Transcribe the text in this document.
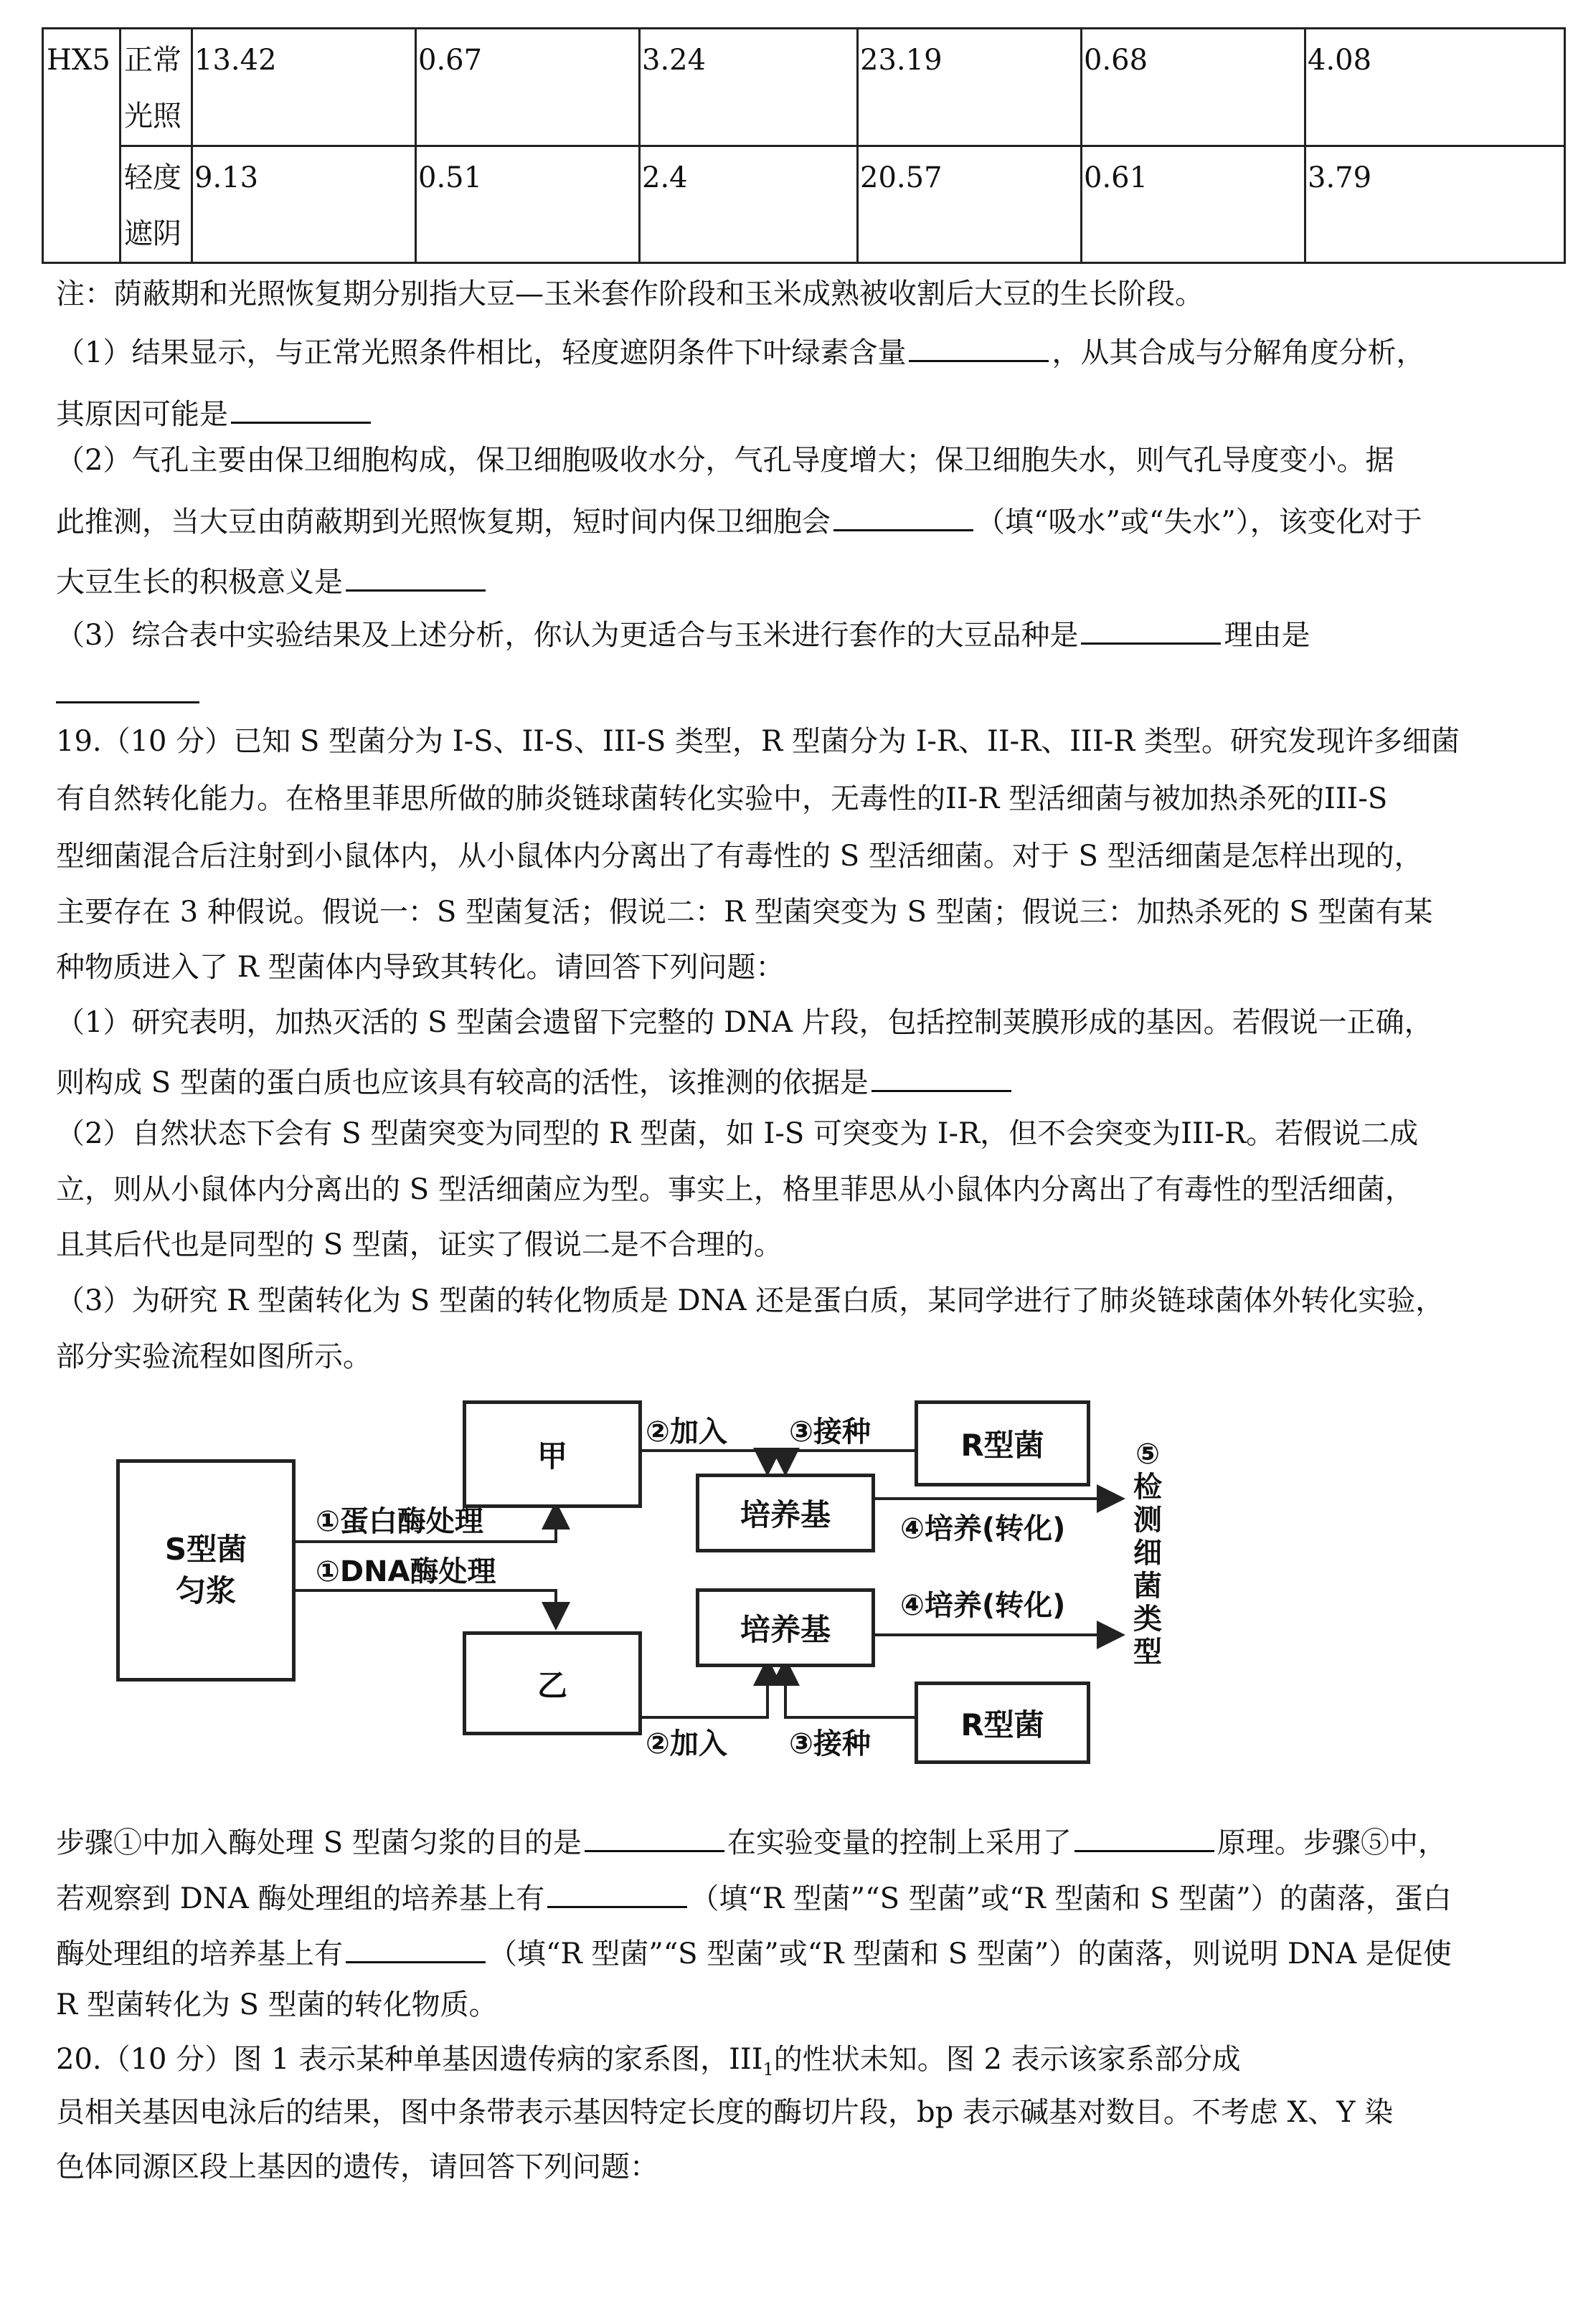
HX5	正常光照	13.42	0.67	3.24	23.19	0.68	4.08
	轻度遮阴	9.13	0.51	2.4	20.57	0.61	3.79
注：荫蔽期和光照恢复期分别指大豆—玉米套作阶段和玉米成熟被收割后大豆的生长阶段。
（1）结果显示，与正常光照条件相比，轻度遮阴条件下叶绿素含量	，从其合成与分解角度分析，
其原因可能是
（2）气孔主要由保卫细胞构成，保卫细胞吸收水分，气孔导度增大；保卫细胞失水，则气孔导度变小。据
此推测，当大豆由荫蔽期到光照恢复期，短时间内保卫细胞会	（填“吸水”或“失水”），该变化对于
大豆生长的积极意义是
（3）综合表中实验结果及上述分析，你认为更适合与玉米进行套作的大豆品种是	理由是
19.（10 分）已知 S 型菌分为 I-S、II-S、III-S 类型，R 型菌分为 I-R、II-R、III-R 类型。研究发现许多细菌
有自然转化能力。在格里菲思所做的肺炎链球菌转化实验中，无毒性的II-R 型活细菌与被加热杀死的III-S
型细菌混合后注射到小鼠体内，从小鼠体内分离出了有毒性的 S 型活细菌。对于 S 型活细菌是怎样出现的，
主要存在 3 种假说。假说一：S 型菌复活；假说二：R 型菌突变为 S 型菌；假说三：加热杀死的 S 型菌有某
种物质进入了 R 型菌体内导致其转化。请回答下列问题：
（1）研究表明，加热灭活的 S 型菌会遗留下完整的 DNA 片段，包括控制荚膜形成的基因。若假说一正确，
则构成 S 型菌的蛋白质也应该具有较高的活性，该推测的依据是
（2）自然状态下会有 S 型菌突变为同型的 R 型菌，如 I-S 可突变为 I-R，但不会突变为III-R。若假说二成
立，则从小鼠体内分离出的 S 型活细菌应为型。事实上，格里菲思从小鼠体内分离出了有毒性的型活细菌，
且其后代也是同型的 S 型菌，证实了假说二是不合理的。
（3）为研究 R 型菌转化为 S 型菌的转化物质是 DNA 还是蛋白质，某同学进行了肺炎链球菌体外转化实验，
部分实验流程如图所示。
S型菌匀浆
甲
乙
培养基
培养基
R型菌
R型菌
①蛋白酶处理
①DNA酶处理
②加入 ③接种
②加入 ③接种
④培养(转化)
④培养(转化)
⑤检测细菌类型
步骤①中加入酶处理 S 型菌匀浆的目的是	在实验变量的控制上采用了	原理。步骤⑤中，
若观察到 DNA 酶处理组的培养基上有	（填“R 型菌”“S 型菌”或“R 型菌和 S 型菌”）的菌落，蛋白
酶处理组的培养基上有	（填“R 型菌”“S 型菌”或“R 型菌和 S 型菌”）的菌落，则说明 DNA 是促使
R 型菌转化为 S 型菌的转化物质。
20.（10 分）图 1 表示某种单基因遗传病的家系图，$III_1$的性状未知。图 2 表示该家系部分成
员相关基因电泳后的结果，图中条带表示基因特定长度的酶切片段，bp 表示碱基对数目。不考虑 X、Y 染
色体同源区段上基因的遗传，请回答下列问题：
